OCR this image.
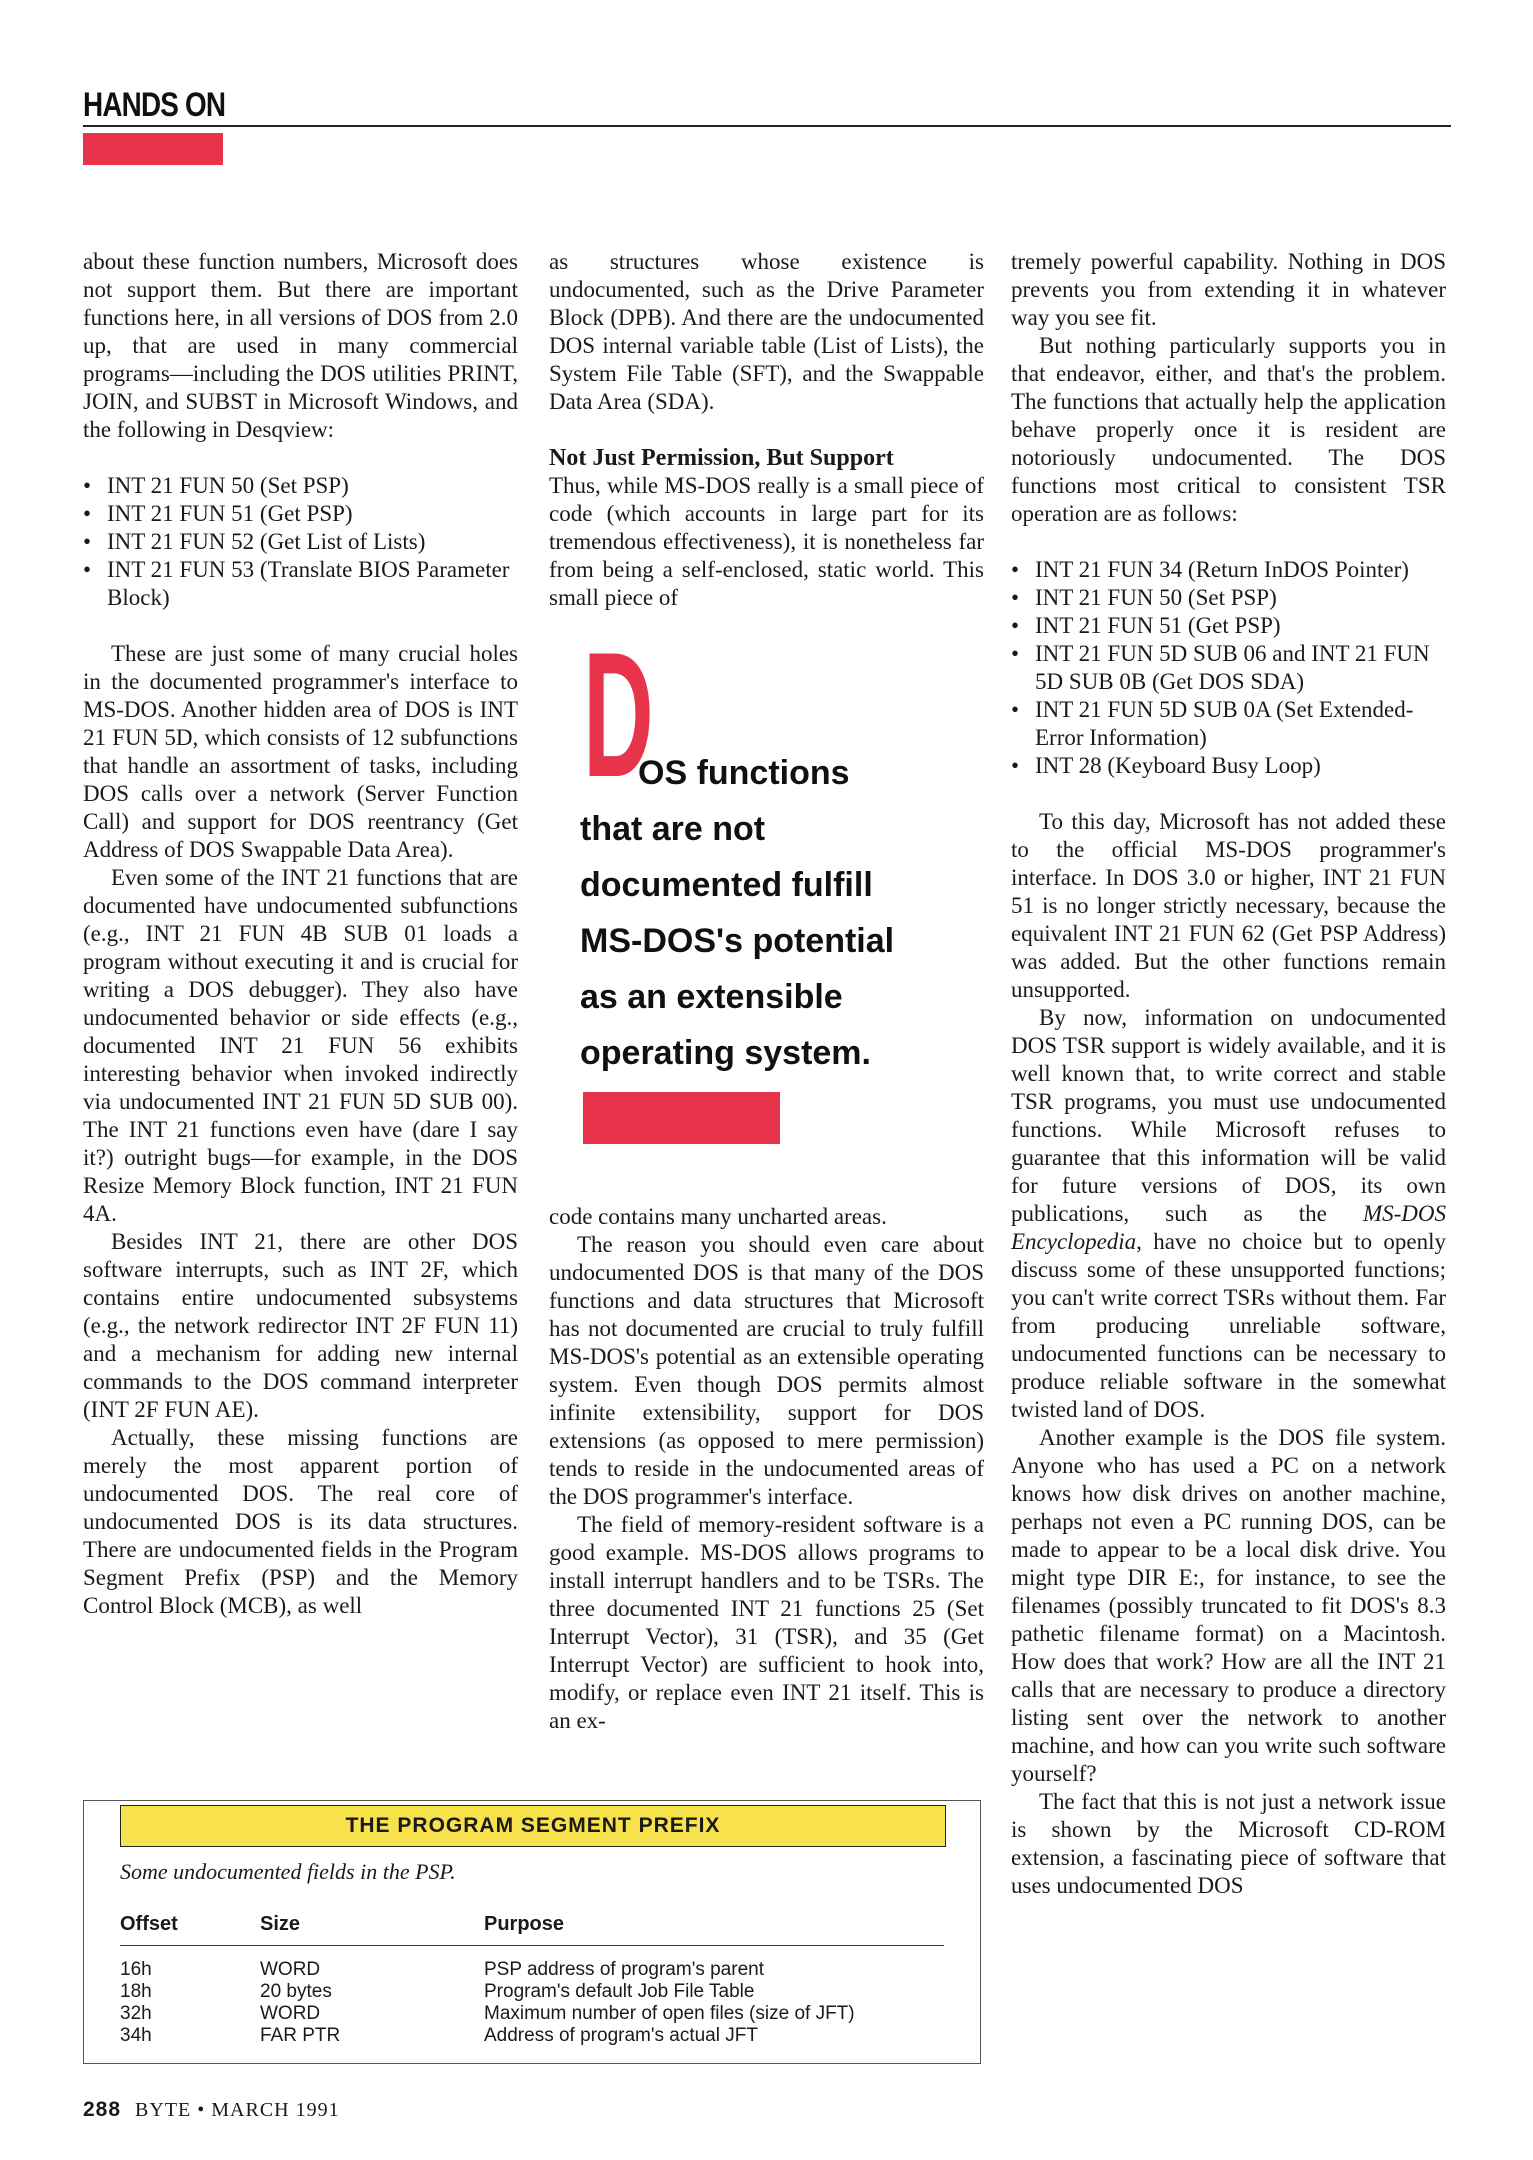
HANDS ON

about these function numbers, Microsoft does not support them. But there are important functions here, in all versions of DOS from 2.0 up, that are used in many commercial programs—including the DOS utilities PRINT, JOIN, and SUBST in Microsoft Windows, and the following in Desqview:

• INT 21 FUN 50 (Set PSP)
• INT 21 FUN 51 (Get PSP)
• INT 21 FUN 52 (Get List of Lists)
• INT 21 FUN 53 (Translate BIOS Parameter Block)

These are just some of many crucial holes in the documented programmer's interface to MS-DOS. Another hidden area of DOS is INT 21 FUN 5D, which consists of 12 subfunctions that handle an assortment of tasks, including DOS calls over a network (Server Function Call) and support for DOS reentrancy (Get Address of DOS Swappable Data Area).

Even some of the INT 21 functions that are documented have undocumented subfunctions (e.g., INT 21 FUN 4B SUB 01 loads a program without executing it and is crucial for writing a DOS debugger). They also have undocumented behavior or side effects (e.g., documented INT 21 FUN 56 exhibits interesting behavior when invoked indirectly via undocumented INT 21 FUN 5D SUB 00). The INT 21 functions even have (dare I say it?) outright bugs—for example, in the DOS Resize Memory Block function, INT 21 FUN 4A.

Besides INT 21, there are other DOS software interrupts, such as INT 2F, which contains entire undocumented subsystems (e.g., the network redirector INT 2F FUN 11) and a mechanism for adding new internal commands to the DOS command interpreter (INT 2F FUN AE).

Actually, these missing functions are merely the most apparent portion of undocumented DOS. The real core of undocumented DOS is its data structures. There are undocumented fields in the Program Segment Prefix (PSP) and the Memory Control Block (MCB), as well

as structures whose existence is undocumented, such as the Drive Parameter Block (DPB). And there are the undocumented DOS internal variable table (List of Lists), the System File Table (SFT), and the Swappable Data Area (SDA).

Not Just Permission, But Support

Thus, while MS-DOS really is a small piece of code (which accounts in large part for its tremendous effectiveness), it is nonetheless far from being a self-enclosed, static world. This small piece of

D
OS functions
that are not
documented fulfill
MS-DOS's potential
as an extensible
operating system.

code contains many uncharted areas.

The reason you should even care about undocumented DOS is that many of the DOS functions and data structures that Microsoft has not documented are crucial to truly fulfill MS-DOS's potential as an extensible operating system. Even though DOS permits almost infinite extensibility, support for DOS extensions (as opposed to mere permission) tends to reside in the undocumented areas of the DOS programmer's interface.

The field of memory-resident software is a good example. MS-DOS allows programs to install interrupt handlers and to be TSRs. The three documented INT 21 functions 25 (Set Interrupt Vector), 31 (TSR), and 35 (Get Interrupt Vector) are sufficient to hook into, modify, or replace even INT 21 itself. This is an ex-

tremely powerful capability. Nothing in DOS prevents you from extending it in whatever way you see fit.

But nothing particularly supports you in that endeavor, either, and that's the problem. The functions that actually help the application behave properly once it is resident are notoriously undocumented. The DOS functions most critical to consistent TSR operation are as follows:

• INT 21 FUN 34 (Return InDOS Pointer)
• INT 21 FUN 50 (Set PSP)
• INT 21 FUN 51 (Get PSP)
• INT 21 FUN 5D SUB 06 and INT 21 FUN 5D SUB 0B (Get DOS SDA)
• INT 21 FUN 5D SUB 0A (Set Extended-Error Information)
• INT 28 (Keyboard Busy Loop)

To this day, Microsoft has not added these to the official MS-DOS programmer's interface. In DOS 3.0 or higher, INT 21 FUN 51 is no longer strictly necessary, because the equivalent INT 21 FUN 62 (Get PSP Address) was added. But the other functions remain unsupported.

By now, information on undocumented DOS TSR support is widely available, and it is well known that, to write correct and stable TSR programs, you must use undocumented functions. While Microsoft refuses to guarantee that this information will be valid for future versions of DOS, its own publications, such as the MS-DOS Encyclopedia, have no choice but to openly discuss some of these unsupported functions; you can't write correct TSRs without them. Far from producing unreliable software, undocumented functions can be necessary to produce reliable software in the somewhat twisted land of DOS.

Another example is the DOS file system. Anyone who has used a PC on a network knows how disk drives on another machine, perhaps not even a PC running DOS, can be made to appear to be a local disk drive. You might type DIR E:, for instance, to see the filenames (possibly truncated to fit DOS's 8.3 pathetic filename format) on a Macintosh. How does that work? How are all the INT 21 calls that are necessary to produce a directory listing sent over the network to another machine, and how can you write such software yourself?

The fact that this is not just a network issue is shown by the Microsoft CD-ROM extension, a fascinating piece of software that uses undocumented DOS

THE PROGRAM SEGMENT PREFIX
Some undocumented fields in the PSP.
Offset	Size	Purpose
16h	WORD	PSP address of program's parent
18h	20 bytes	Program's default Job File Table
32h	WORD	Maximum number of open files (size of JFT)
34h	FAR PTR	Address of program's actual JFT
288 BYTE • MARCH 1991
